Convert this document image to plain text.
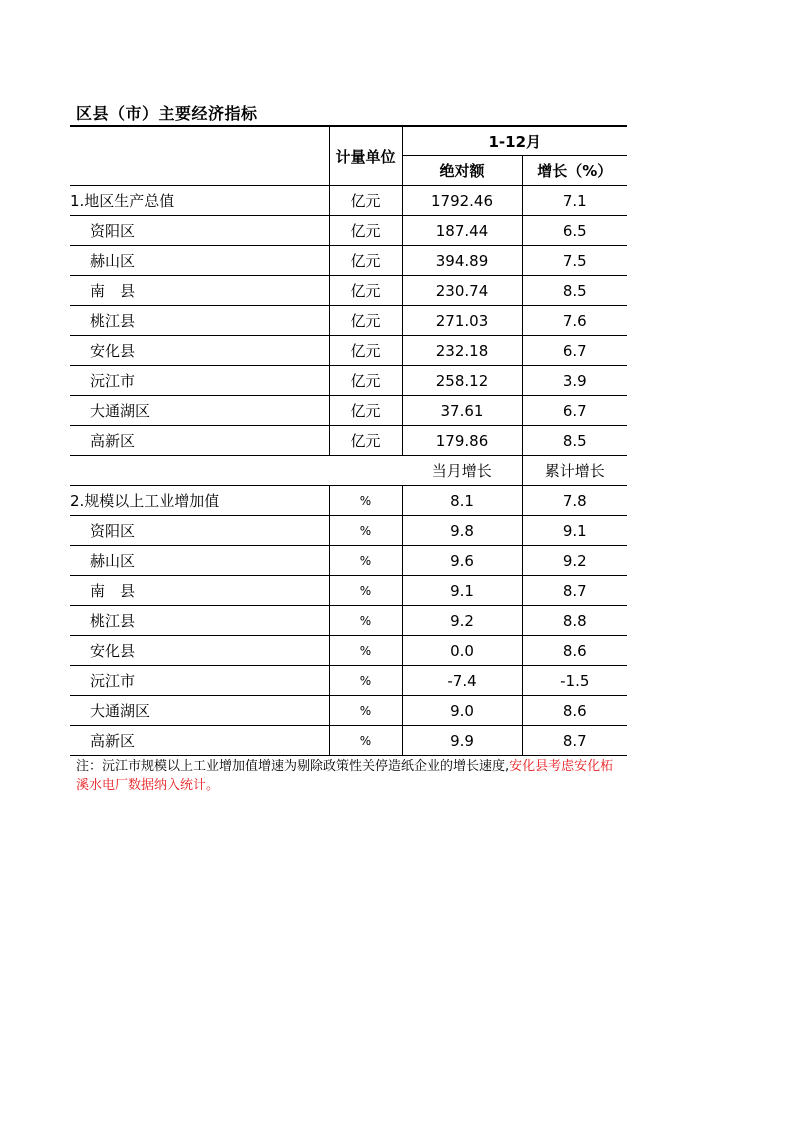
区县（市）主要经济指标
	计量单位	1-12月	
		绝对额	增长（%）
1.地区生产总值	亿元	1792.46	7.1
资阳区	亿元	187.44	6.5
赫山区	亿元	394.89	7.5
南　县	亿元	230.74	8.5
桃江县	亿元	271.03	7.6
安化县	亿元	232.18	6.7
沅江市	亿元	258.12	3.9
大通湖区	亿元	37.61	6.7
高新区	亿元	179.86	8.5
		当月增长	累计增长
2.规模以上工业增加值	%	8.1	7.8
资阳区	%	9.8	9.1
赫山区	%	9.6	9.2
南　县	%	9.1	8.7
桃江县	%	9.2	8.8
安化县	%	0.0	8.6
沅江市	%	-7.4	-1.5
大通湖区	%	9.0	8.6
高新区	%	9.9	8.7
注：沅江市规模以上工业增加值增速为剔除政策性关停造纸企业的增长速度,安化县考虑安化柘溪水电厂数据纳入统计。
